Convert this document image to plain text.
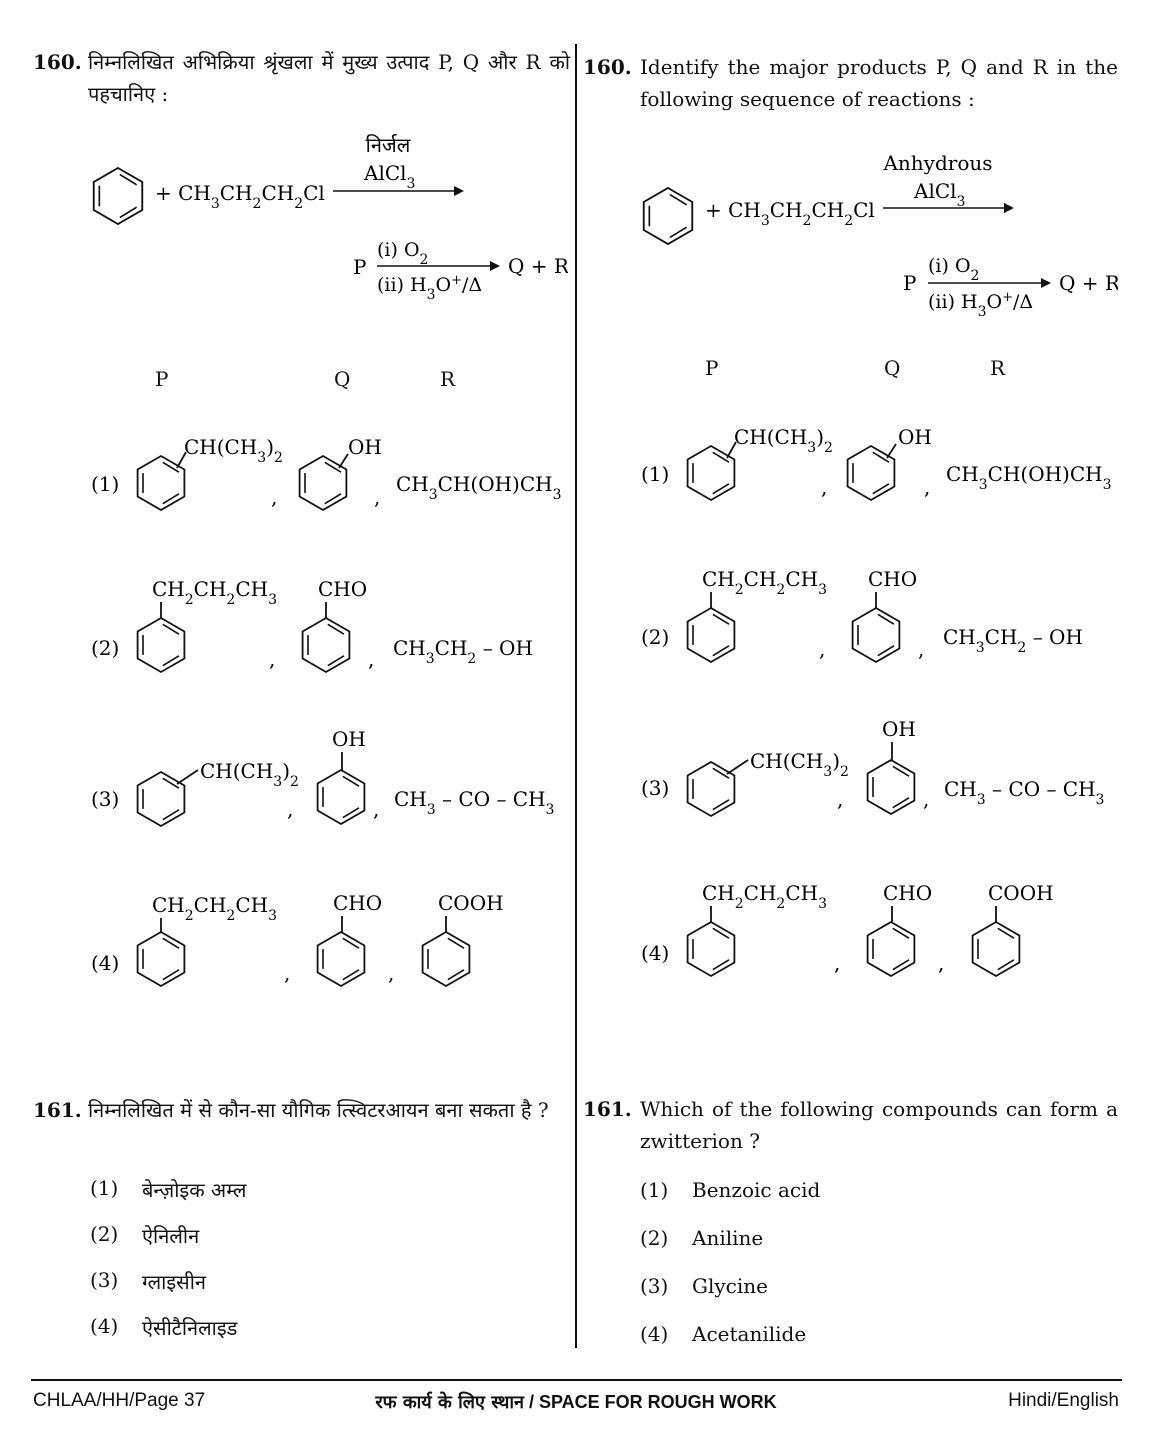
160. निम्नलिखित अभिक्रिया श्रृंखला में मुख्य उत्पाद P, Q और R को पहचानिए :
+ $CH_3CH_2CH_2Cl$
निर्जल
AlCl$_3$
P
(i) $O_2$
(ii) $H_3O^+/\Delta$
Q + R
P	Q	R
(1)
$CH(CH_3)_2$
,
OH
,
$CH_3CH(OH)CH_3$
(2)
$CH_2CH_2CH_3$
,
CHO
, $CH_3CH_2$ – OH
(3)
$CH(CH_3)_2$
,
OH
, $CH_3$ – CO – $CH_3$
(4)
$CH_2CH_2CH_3$
,
CHO
,
COOH
161. निम्नलिखित में से कौन-सा यौगिक त्स्विटरआयन बना सकता है ?
(1) बेन्ज़ोइक अम्ल
(2) ऐनिलीन
(3) ग्लाइसीन
(4) ऐसीटैनिलाइड
160. Identify the major products P, Q and R in the following sequence of reactions :
+ $CH_3CH_2CH_2Cl$
Anhydrous
AlCl$_3$
P
(i) $O_2$
(ii) $H_3O^+/\Delta$
Q + R
P	Q	R
(1)
$CH(CH_3)_2$
,
OH
,
$CH_3CH(OH)CH_3$
(2)
$CH_2CH_2CH_3$
,
CHO
, $CH_3CH_2$ – OH
(3)
$CH(CH_3)_2$
,
OH
, $CH_3$ – CO – $CH_3$
(4)
$CH_2CH_2CH_3$
,
CHO
,
COOH
161. Which of the following compounds can form a zwitterion ?
(1) Benzoic acid
(2) Aniline
(3) Glycine
(4) Acetanilide
CHLAA/HH/Page 37	रफ कार्य के लिए स्थान / SPACE FOR ROUGH WORK	Hindi/English
